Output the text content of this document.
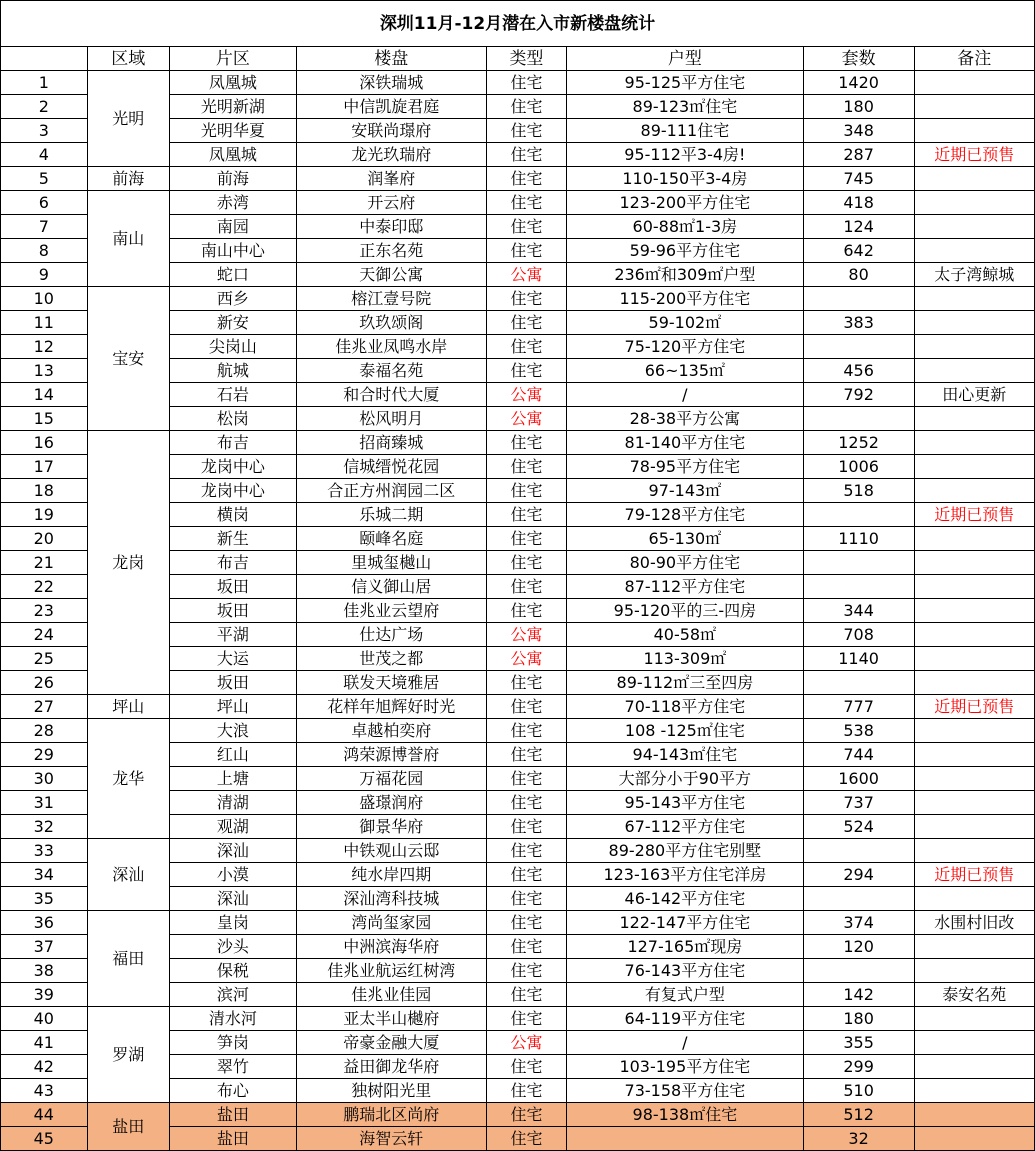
深圳11月-12月潜在入市新楼盘统计							
	区域	片区	楼盘	类型	户型	套数	备注
1	光明	凤凰城	深铁瑞城	住宅	95-125平方住宅	1420	
2		光明新湖	中信凯旋君庭	住宅	89-123㎡住宅	180	
3		光明华夏	安联尚璟府	住宅	89-111住宅	348	
4		凤凰城	龙光玖瑞府	住宅	95-112平3-4房!	287	近期已预售
5	前海	前海	润峯府	住宅	110-150平3-4房	745	
6	南山	赤湾	开云府	住宅	123-200平方住宅	418	
7		南园	中泰印邸	住宅	60-88㎡1-3房	124	
8		南山中心	正东名苑	住宅	59-96平方住宅	642	
9		蛇口	天御公寓	公寓	236㎡和309㎡户型	80	太子湾鲸城
10	宝安	西乡	榕江壹号院	住宅	115-200平方住宅		
11		新安	玖玖颂阁	住宅	59-102㎡	383	
12		尖岗山	佳兆业凤鸣水岸	住宅	75-120平方住宅		
13		航城	泰福名苑	住宅	66~135㎡	456	
14		石岩	和合时代大厦	公寓	/	792	田心更新
15		松岗	松风明月	公寓	28-38平方公寓		
16	龙岗	布吉	招商臻城	住宅	81-140平方住宅	1252	
17		龙岗中心	信城缙悦花园	住宅	78-95平方住宅	1006	
18		龙岗中心	合正方州润园二区	住宅	97-143㎡	518	
19		横岗	乐城二期	住宅	79-128平方住宅		近期已预售
20		新生	颐峰名庭	住宅	65-130㎡	1110	
21		布吉	里城玺樾山	住宅	80-90平方住宅		
22		坂田	信义御山居	住宅	87-112平方住宅		
23		坂田	佳兆业云望府	住宅	95-120平的三-四房	344	
24		平湖	仕达广场	公寓	40-58㎡	708	
25		大运	世茂之都	公寓	113-309㎡	1140	
26		坂田	联发天境雅居	住宅	89-112㎡三至四房		
27	坪山	坪山	花样年旭辉好时光	住宅	70-118平方住宅	777	近期已预售
28	龙华	大浪	卓越柏奕府	住宅	108 -125㎡住宅	538	
29		红山	鸿荣源博誉府	住宅	94-143㎡住宅	744	
30		上塘	万福花园	住宅	大部分小于90平方	1600	
31		清湖	盛璟润府	住宅	95-143平方住宅	737	
32		观湖	御景华府	住宅	67-112平方住宅	524	
33	深汕	深汕	中铁观山云邸	住宅	89-280平方住宅别墅		
34		小漠	纯水岸四期	住宅	123-163平方住宅洋房	294	近期已预售
35		深汕	深汕湾科技城	住宅	46-142平方住宅		
36	福田	皇岗	湾尚玺家园	住宅	122-147平方住宅	374	水围村旧改
37		沙头	中洲滨海华府	住宅	127-165㎡现房	120	
38		保税	佳兆业航运红树湾	住宅	76-143平方住宅		
39		滨河	佳兆业佳园	住宅	有复式户型	142	泰安名苑
40	罗湖	清水河	亚太半山樾府	住宅	64-119平方住宅	180	
41		笋岗	帝豪金融大厦	公寓	/	355	
42		翠竹	益田御龙华府	住宅	103-195平方住宅	299	
43		布心	独树阳光里	住宅	73-158平方住宅	510	
44	盐田	盐田	鹏瑞北区尚府	住宅	98-138㎡住宅	512	
45		盐田	海智云轩	住宅		32	
